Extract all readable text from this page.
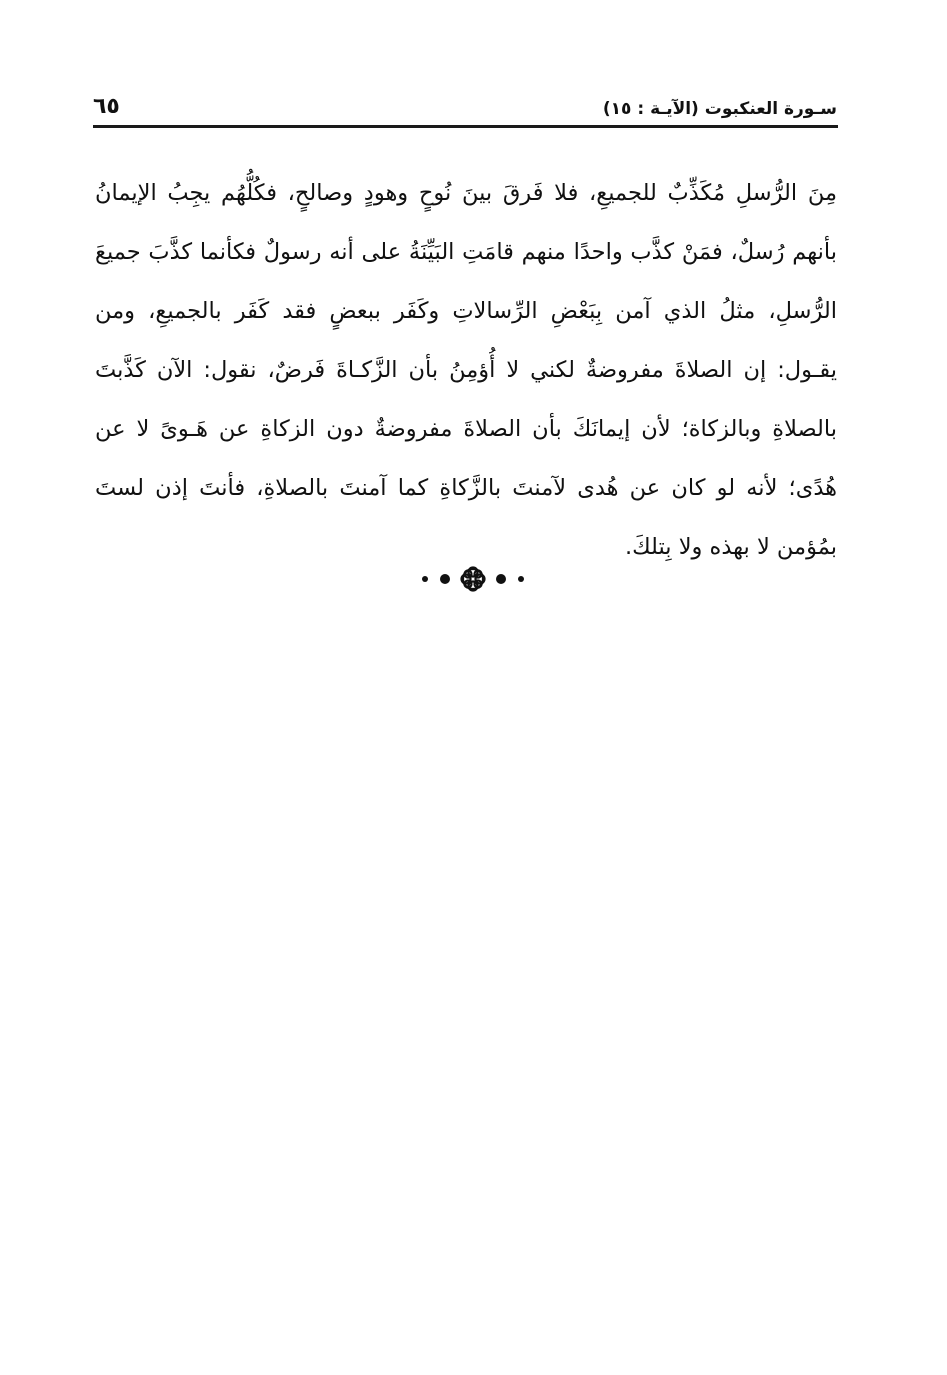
سـورة العنكبوت (الآيـة : ١٥)
٦٥
مِنَ الرُّسلِ مُكَذِّبٌ للجميعِ، فلا فَرقَ بينَ نُوحٍ وهودٍ وصالحٍ، فكُلُّهُم يجِبُ الإيمانُ
بأنهم رُسلٌ، فمَنْ كذَّب واحدًا منهم قامَتِ البَيِّنَةُ على أنه رسولٌ فكأنما كذَّبَ جميعَ
الرُّسلِ، مثلُ الذي آمن بِبَعْضِ الرِّسالاتِ وكَفَر ببعضٍ فقد كَفَر بالجميعِ، ومن
يقـول: إن الصلاةَ مفروضةٌ لكني لا أُؤمِنُ بأن الزَّكـاةَ فَرضٌ، نقول: الآن كَذَّبتَ
بالصلاةِ وبالزكاة؛ لأن إيمانَكَ بأن الصلاةَ مفروضةٌ دون الزكاةِ عن هَـوىً لا عن
هُدًى؛ لأنه لو كان عن هُدى لآمنتَ بالزَّكاةِ كما آمنتَ بالصلاةِ، فأنتَ إذن لستَ
بمُؤمن لا بهذه ولا بِتلكَ.
